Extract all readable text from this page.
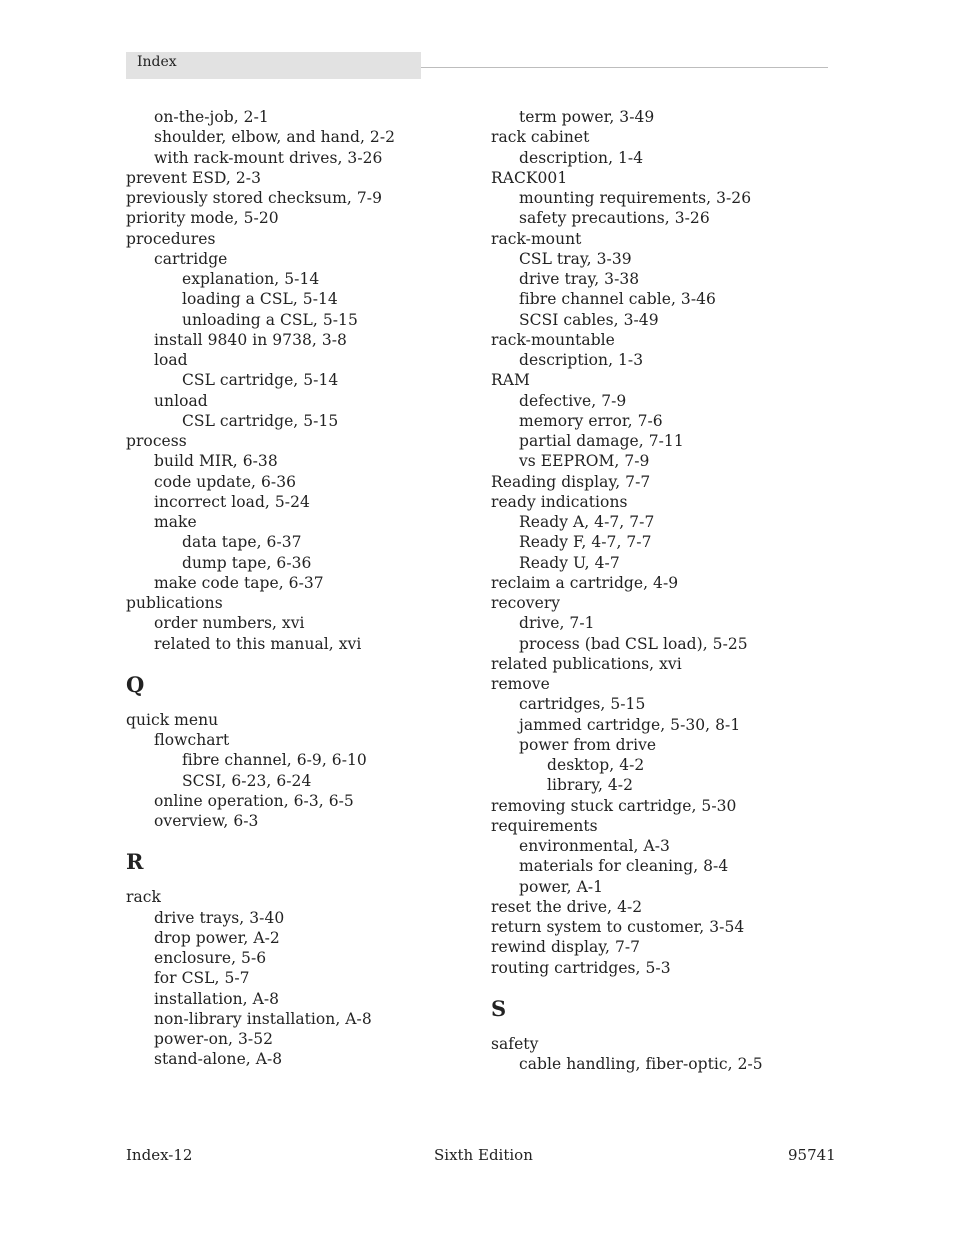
Index
on-the-job, 2-1
shoulder, elbow, and hand, 2-2
with rack-mount drives, 3-26
prevent ESD, 2-3
previously stored checksum, 7-9
priority mode, 5-20
procedures
cartridge
explanation, 5-14
loading a CSL, 5-14
unloading a CSL, 5-15
install 9840 in 9738, 3-8
load
CSL cartridge, 5-14
unload
CSL cartridge, 5-15
process
build MIR, 6-38
code update, 6-36
incorrect load, 5-24
make
data tape, 6-37
dump tape, 6-36
make code tape, 6-37
publications
order numbers, xvi
related to this manual, xvi
Q
quick menu
flowchart
fibre channel, 6-9, 6-10
SCSI, 6-23, 6-24
online operation, 6-3, 6-5
overview, 6-3
R
rack
drive trays, 3-40
drop power, A-2
enclosure, 5-6
for CSL, 5-7
installation, A-8
non-library installation, A-8
power-on, 3-52
stand-alone, A-8
term power, 3-49
rack cabinet
description, 1-4
RACK001
mounting requirements, 3-26
safety precautions, 3-26
rack-mount
CSL tray, 3-39
drive tray, 3-38
fibre channel cable, 3-46
SCSI cables, 3-49
rack-mountable
description, 1-3
RAM
defective, 7-9
memory error, 7-6
partial damage, 7-11
vs EEPROM, 7-9
Reading display, 7-7
ready indications
Ready A, 4-7, 7-7
Ready F, 4-7, 7-7
Ready U, 4-7
reclaim a cartridge, 4-9
recovery
drive, 7-1
process (bad CSL load), 5-25
related publications, xvi
remove
cartridges, 5-15
jammed cartridge, 5-30, 8-1
power from drive
desktop, 4-2
library, 4-2
removing stuck cartridge, 5-30
requirements
environmental, A-3
materials for cleaning, 8-4
power, A-1
reset the drive, 4-2
return system to customer, 3-54
rewind display, 7-7
routing cartridges, 5-3
S
safety
cable handling, fiber-optic, 2-5
Index-12	Sixth Edition	95741
